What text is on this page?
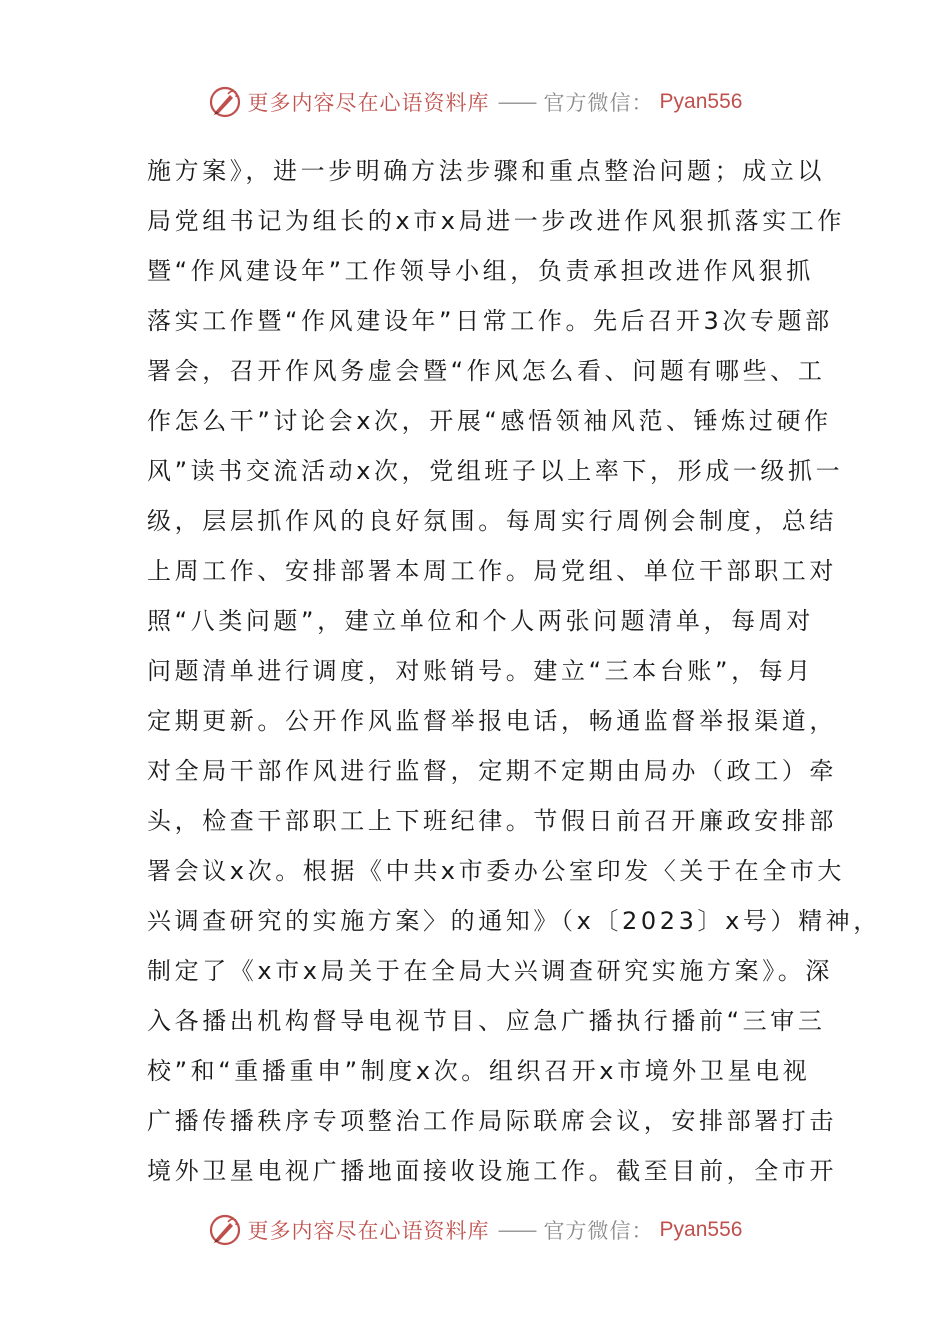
更多内容尽在心语资料库 —— 官方微信： Pyan556
施方案》，进一步明确方法步骤和重点整治问题；成立以
局党组书记为组长的x市x局进一步改进作风狠抓落实工作
暨“作风建设年”工作领导小组，负责承担改进作风狠抓
落实工作暨“作风建设年”日常工作。先后召开3次专题部
署会，召开作风务虚会暨“作风怎么看、问题有哪些、工
作怎么干”讨论会x次，开展“感悟领袖风范、锤炼过硬作
风”读书交流活动x次，党组班子以上率下，形成一级抓一
级，层层抓作风的良好氛围。每周实行周例会制度，总结
上周工作、安排部署本周工作。局党组、单位干部职工对
照“八类问题”，建立单位和个人两张问题清单，每周对
问题清单进行调度，对账销号。建立“三本台账”，每月
定期更新。公开作风监督举报电话，畅通监督举报渠道，
对全局干部作风进行监督，定期不定期由局办（政工）牵
头，检查干部职工上下班纪律。节假日前召开廉政安排部
署会议x次。根据《中共x市委办公室印发〈关于在全市大
兴调查研究的实施方案〉的通知》（x〔2023〕x号）精神，
制定了《x市x局关于在全局大兴调查研究实施方案》。深
入各播出机构督导电视节目、应急广播执行播前“三审三
校”和“重播重申”制度x次。组织召开x市境外卫星电视
广播传播秩序专项整治工作局际联席会议，安排部署打击
境外卫星电视广播地面接收设施工作。截至目前，全市开
更多内容尽在心语资料库 —— 官方微信： Pyan556
